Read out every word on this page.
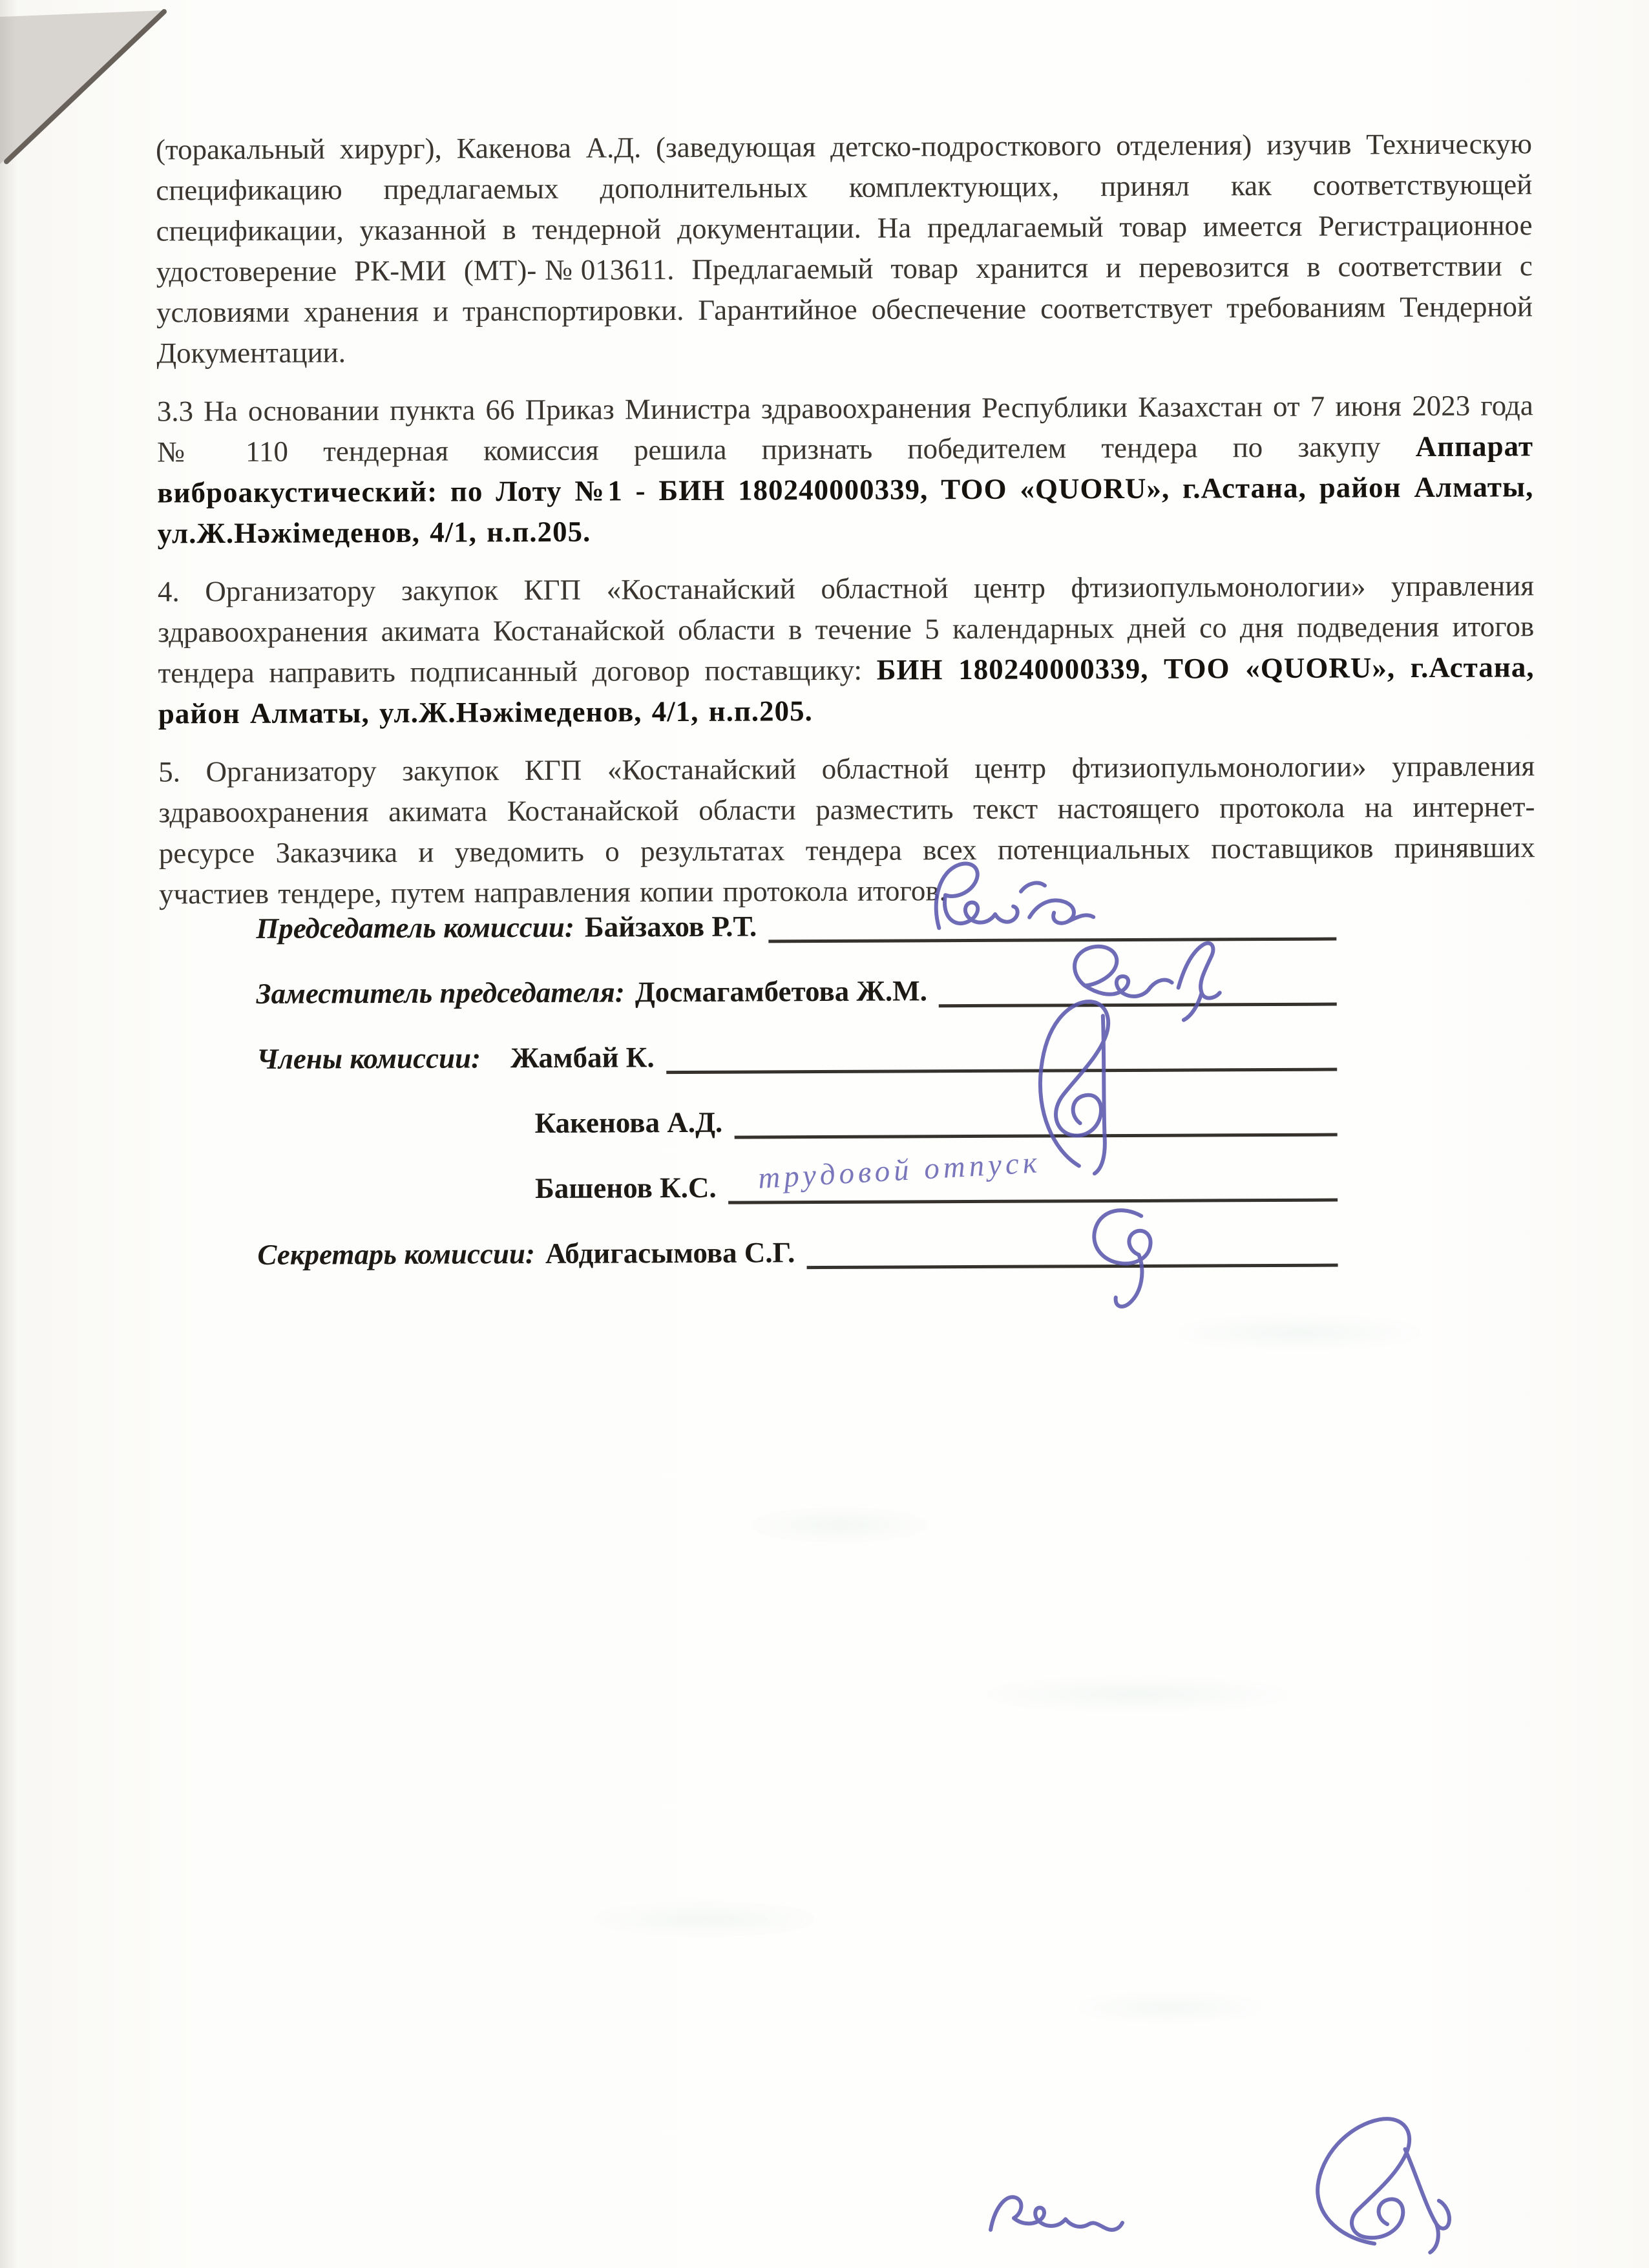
(торакальный хирург), Какенова А.Д. (заведующая детско-подросткового отделения) изучив Техническую спецификацию предлагаемых дополнительных комплектующих, принял как соответствующей спецификации, указанной в тендерной документации. На предлагаемый товар имеется Регистрационное удостоверение РК-МИ (МТ)-№013611. Предлагаемый товар хранится и перевозится в соответствии с условиями хранения и транспортировки. Гарантийное обеспечение соответствует требованиям Тендерной Документации.

3.3 На основании пункта 66 Приказ Министра здравоохранения Республики Казахстан от 7 июня 2023 года № 110 тендерная комиссия решила признать победителем тендера по закупу Аппарат виброакустический: по Лоту №1 - БИН 180240000339, ТОО «QUORU», г.Астана, район Алматы, ул.Ж.Нәжімеденов, 4/1, н.п.205.

4. Организатору закупок КГП «Костанайский областной центр фтизиопульмонологии» управления здравоохранения акимата Костанайской области в течение 5 календарных дней со дня подведения итогов тендера направить подписанный договор поставщику: БИН 180240000339, ТОО «QUORU», г.Астана, район Алматы, ул.Ж.Нәжімеденов, 4/1, н.п.205.

5. Организатору закупок КГП «Костанайский областной центр фтизиопульмонологии» управления здравоохранения акимата Костанайской области разместить текст настоящего протокола на интернет-ресурсе Заказчика и уведомить о результатах тендера всех потенциальных поставщиков принявших участиев тендере, путем направления копии протокола итогов.

Председатель комиссии: Байзахов Р.Т.
Заместитель председателя: Досмагамбетова Ж.М.
Члены комиссии: Жамбай К.
Какенова А.Д.
Башенов К.С. трудовой отпуск
Секретарь комиссии: Абдигасымова С.Г.
